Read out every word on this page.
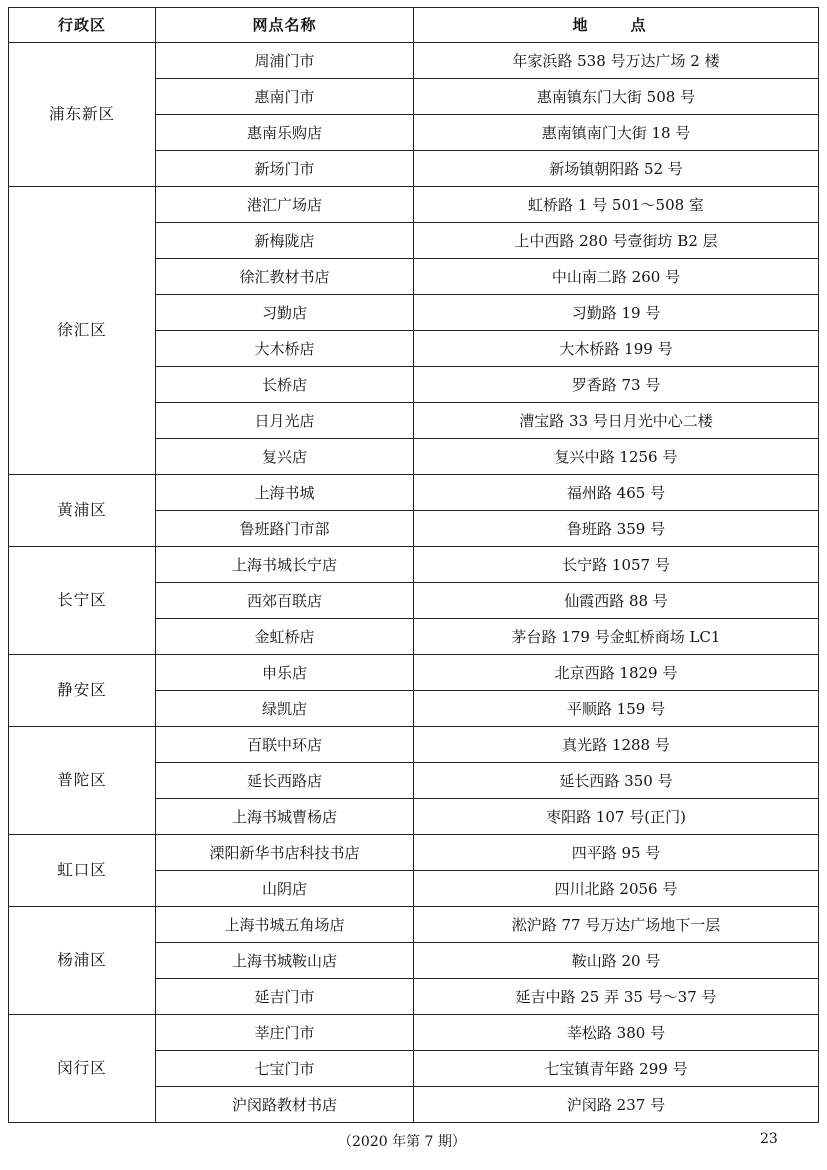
行政区	网点名称	地　点
浦东新区	周浦门市	年家浜路 538 号万达广场 2 楼
	惠南门市	惠南镇东门大街 508 号
	惠南乐购店	惠南镇南门大街 18 号
	新场门市	新场镇朝阳路 52 号
徐汇区	港汇广场店	虹桥路 1 号 501～508 室
	新梅陇店	上中西路 280 号壹街坊 B2 层
	徐汇教材书店	中山南二路 260 号
	习勤店	习勤路 19 号
	大木桥店	大木桥路 199 号
	长桥店	罗香路 73 号
	日月光店	漕宝路 33 号日月光中心二楼
	复兴店	复兴中路 1256 号
黄浦区	上海书城	福州路 465 号
	鲁班路门市部	鲁班路 359 号
长宁区	上海书城长宁店	长宁路 1057 号
	西郊百联店	仙霞西路 88 号
	金虹桥店	茅台路 179 号金虹桥商场 LC1
静安区	申乐店	北京西路 1829 号
	绿凯店	平顺路 159 号
普陀区	百联中环店	真光路 1288 号
	延长西路店	延长西路 350 号
	上海书城曹杨店	枣阳路 107 号(正门)
虹口区	溧阳新华书店科技书店	四平路 95 号
	山阴店	四川北路 2056 号
杨浦区	上海书城五角场店	淞沪路 77 号万达广场地下一层
	上海书城鞍山店	鞍山路 20 号
	延吉门市	延吉中路 25 弄 35 号～37 号
闵行区	莘庄门市	莘松路 380 号
	七宝门市	七宝镇青年路 299 号
	沪闵路教材书店	沪闵路 237 号
（2020 年第 7 期）	23
